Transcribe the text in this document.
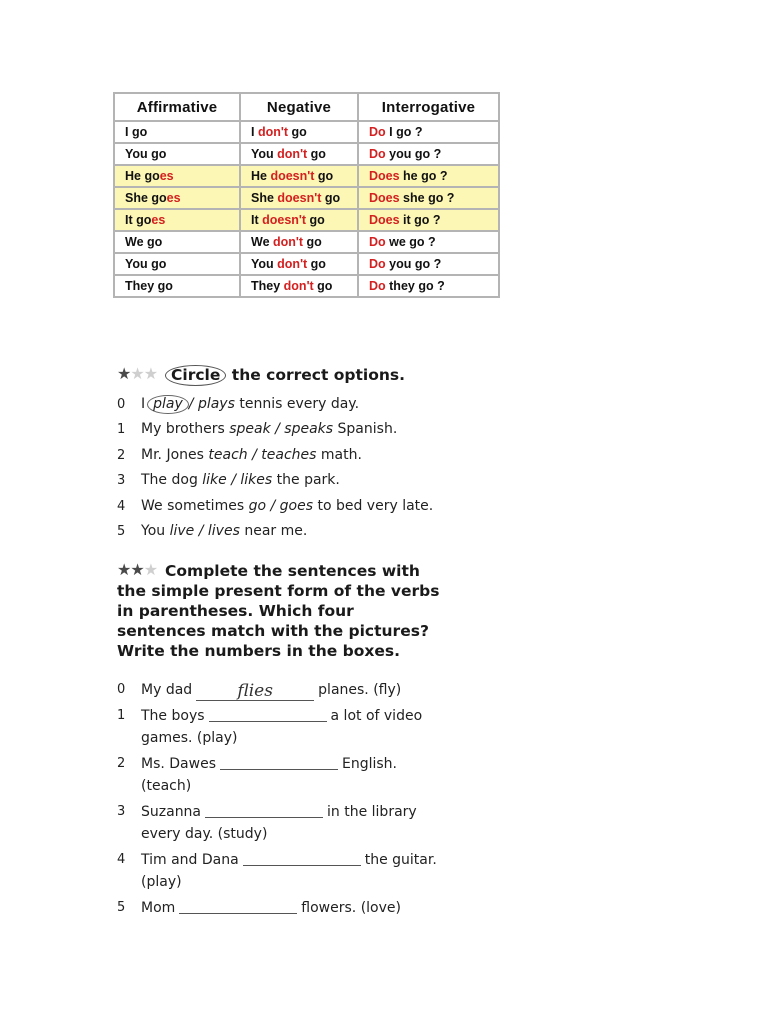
Affirmative	Negative	Interrogative
I go	I don't go	Do I go ?
You go	You don't go	Do you go ?
He goes	He doesn't go	Does he go ?
She goes	She doesn't go	Does she go ?
It goes	It doesn't go	Does it go ?
We go	We don't go	Do we go ?
You go	You don't go	Do you go ?
They go	They don't go	Do they go ?
★★★ Circle the correct options.
0 I play / plays tennis every day.
1 My brothers speak / speaks Spanish.
2 Mr. Jones teach / teaches math.
3 The dog like / likes the park.
4 We sometimes go / goes to bed very late.
5 You live / lives near me.
★★★ Complete the sentences with the simple present form of the verbs in parentheses. Which four sentences match with the pictures? Write the numbers in the boxes.
0 My dad	flies	planes. (fly)
1 The boys	a lot of video games. (play)
2 Ms. Dawes	English. (teach)
3 Suzanna	in the library every day. (study)
4 Tim and Dana	the guitar. (play)
5 Mom	flowers. (love)
